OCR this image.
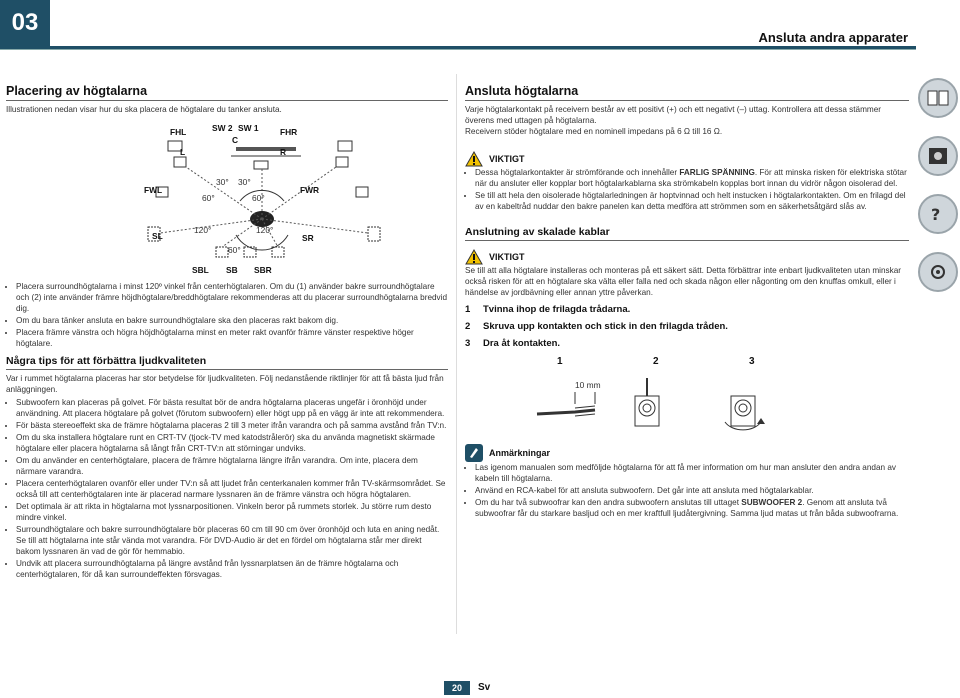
03
Ansluta andra apparater
Placering av högtalarna

Illustrationen nedan visar hur du ska placera de högtalare du tanker ansluta.

FHL	SW 2 SW 1	FHR
C
L	R
FWL	FWR
SL	SR
SBL SB SBR
30° 30°
60°	60°
120°	120°
60°
• Placera surroundhögtalarna i minst 120º vinkel från centerhögtalaren. Om du (1) använder bakre surroundhögtalare och (2) inte använder främre höjdhögtalare/breddhögtalare rekommenderas att du placerar surroundhögtalarna bredvid dig.
• Om du bara tänker ansluta en bakre surroundhögtalare ska den placeras rakt bakom dig.
• Placera främre vänstra och högra höjdhögtalarna minst en meter rakt ovanför främre vänster respektive höger högtalare.
Några tips för att förbättra ljudkvaliteten

Var i rummet högtalarna placeras har stor betydelse för ljudkvaliteten. Följ nedanstående riktlinjer för att få bästa ljud från anläggningen.

• Subwoofern kan placeras på golvet. För bästa resultat bör de andra högtalarna placeras ungefär i öronhöjd under användning. Att placera högtalare på golvet (förutom subwoofern) eller högt upp på en vägg är inte att rekommendera.
• För bästa stereoeffekt ska de främre högtalarna placeras 2 till 3 meter ifrån varandra och på samma avstånd från TV:n.
• Om du ska installera högtalare runt en CRT-TV (tjock-TV med katodstrålerör) ska du använda magnetiskt skärmade högtalare eller placera högtalarna så långt från CRT-TV:n att störningar undviks.
• Om du använder en centerhögtalare, placera de främre högtalarna längre ifrån varandra. Om inte, placera dem närmare varandra.
• Placera centerhögtalaren ovanför eller under TV:n så att ljudet från centerkanalen kommer från TV-skärmsområdet. Se också till att centerhögtalaren inte är placerad narmare lyssnaren än de främre vänstra och högra högtalaren.
• Det optimala är att rikta in högtalarna mot lyssnarpositionen. Vinkeln beror på rummets storlek. Ju större rum desto mindre vinkel.
• Surroundhögtalare och bakre surroundhögtalare bör placeras 60 cm till 90 cm över öronhöjd och luta en aning nedåt. Se till att högtalarna inte står vända mot varandra. För DVD-Audio är det en fördel om högtalarna står mer direkt bakom lyssnaren än vad de gör för hemmabio.
• Undvik att placera surroundhögtalarna på längre avstånd från lyssnarplatsen än de främre högtalarna och centerhögtalaren, för då kan surroundeffekten försvagas.
Ansluta högtalarna

Varje högtalarkontakt på receivern består av ett positivt (+) och ett negativt (–) uttag. Kontrollera att dessa stämmer överens med uttagen på högtalarna.

Receivern stöder högtalare med en nominell impedans på 6 Ω till 16 Ω.

VIKTIGT
• Dessa högtalarkontakter är strömförande och innehåller FARLIG SPÄNNING. För att minska risken för elektriska stötar när du ansluter eller kopplar bort högtalarkablarna ska strömkabeln kopplas bort innan du vidrör någon oisolerad del.
• Se till att hela den oisolerade högtalarledningen är hoptvinnad och helt instucken i högtalarkontakten. Om en frilagd del av en kabeltråd nuddar den bakre panelen kan detta medföra att strömmen som en säkerhetsåtgärd slås av.
Anslutning av skalade kablar
VIKTIGT

Se till att alla högtalare installeras och monteras på ett säkert sätt. Detta förbättrar inte enbart ljudkvaliteten utan minskar också risken för att en högtalare ska välta eller falla ned och skada någon eller någonting om den knuffas omkull, eller i händelse av jordbävning eller annan yttre påverkan.

1 Tvinna ihop de frilagda trådarna.
2 Skruva upp kontakten och stick in den frilagda tråden.
3 Dra åt kontakten.
1	2	3
10 mm
Anmärkningar
• Las igenom manualen som medföljde högtalarna för att få mer information om hur man ansluter den andra andan av kabeln till högtalarna.
• Använd en RCA-kabel för att ansluta subwoofern. Det går inte att ansluta med högtalarkablar.
• Om du har två subwoofrar kan den andra subwoofern anslutas till uttaget SUBWOOFER 2. Genom att ansluta två subwoofrar får du starkare basljud och en mer kraftfull ljudåtergivning. Samma ljud matas ut från båda subwoofrarna.
?
20	Sv
